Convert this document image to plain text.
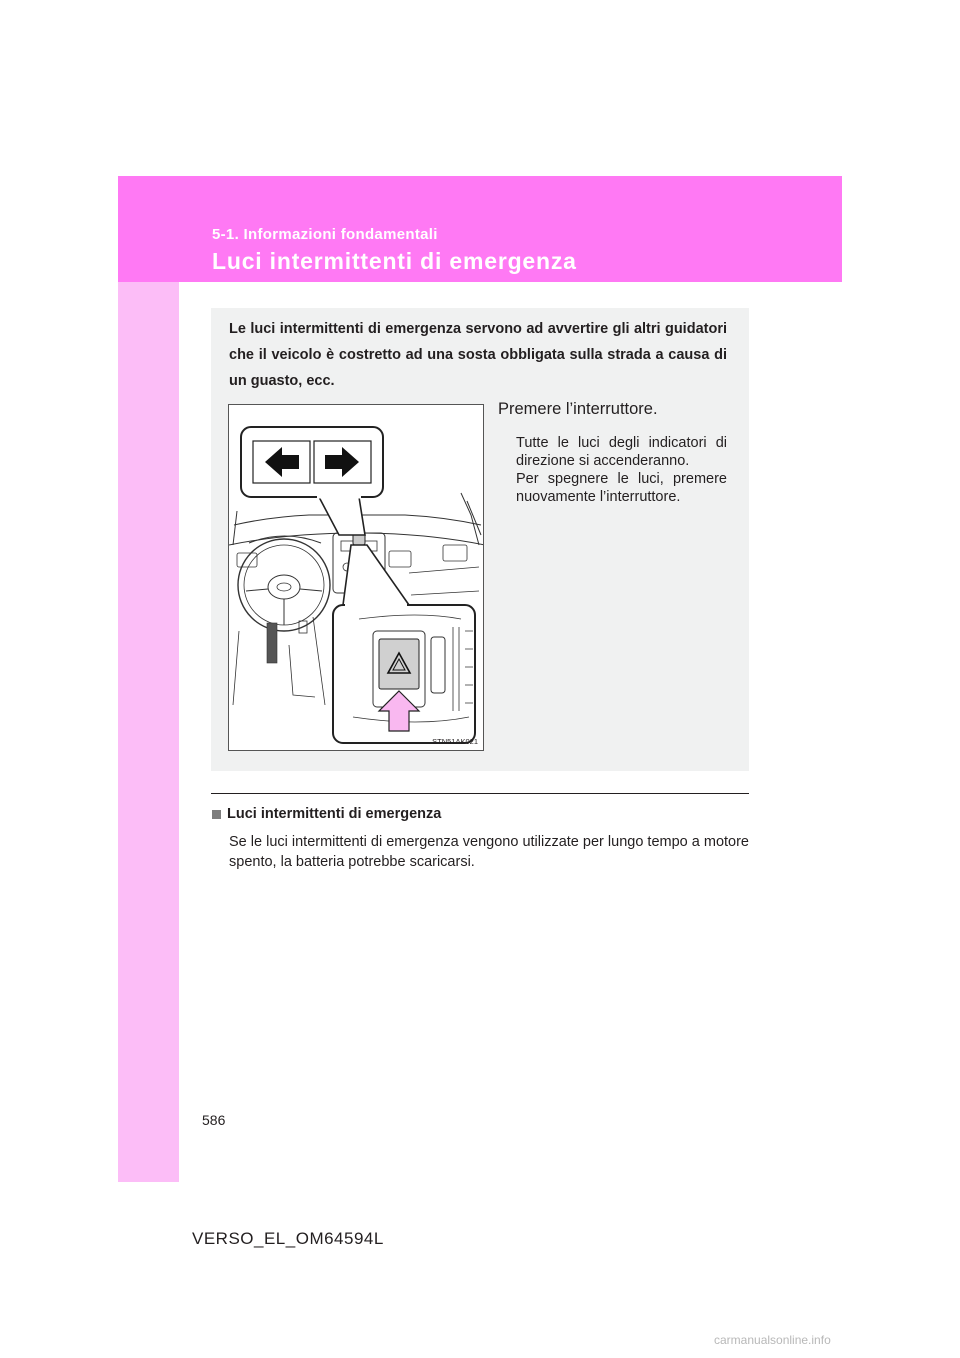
5-1. Informazioni fondamentali
Luci intermittenti di emergenza
Le luci intermittenti di emergenza servono ad avvertire gli altri guidatori che il veicolo è costretto ad una sosta obbligata sulla strada a causa di un guasto, ecc.
STN51AK021
Premere l’interruttore.

Tutte le luci degli indicatori di direzione si accenderanno.

Per spegnere le luci, premere nuovamente l’interruttore.

Luci intermittenti di emergenza
Se le luci intermittenti di emergenza vengono utilizzate per lungo tempo a motore spento, la batteria potrebbe scaricarsi.
586
VERSO_EL_OM64594L
carmanualsonline.info
